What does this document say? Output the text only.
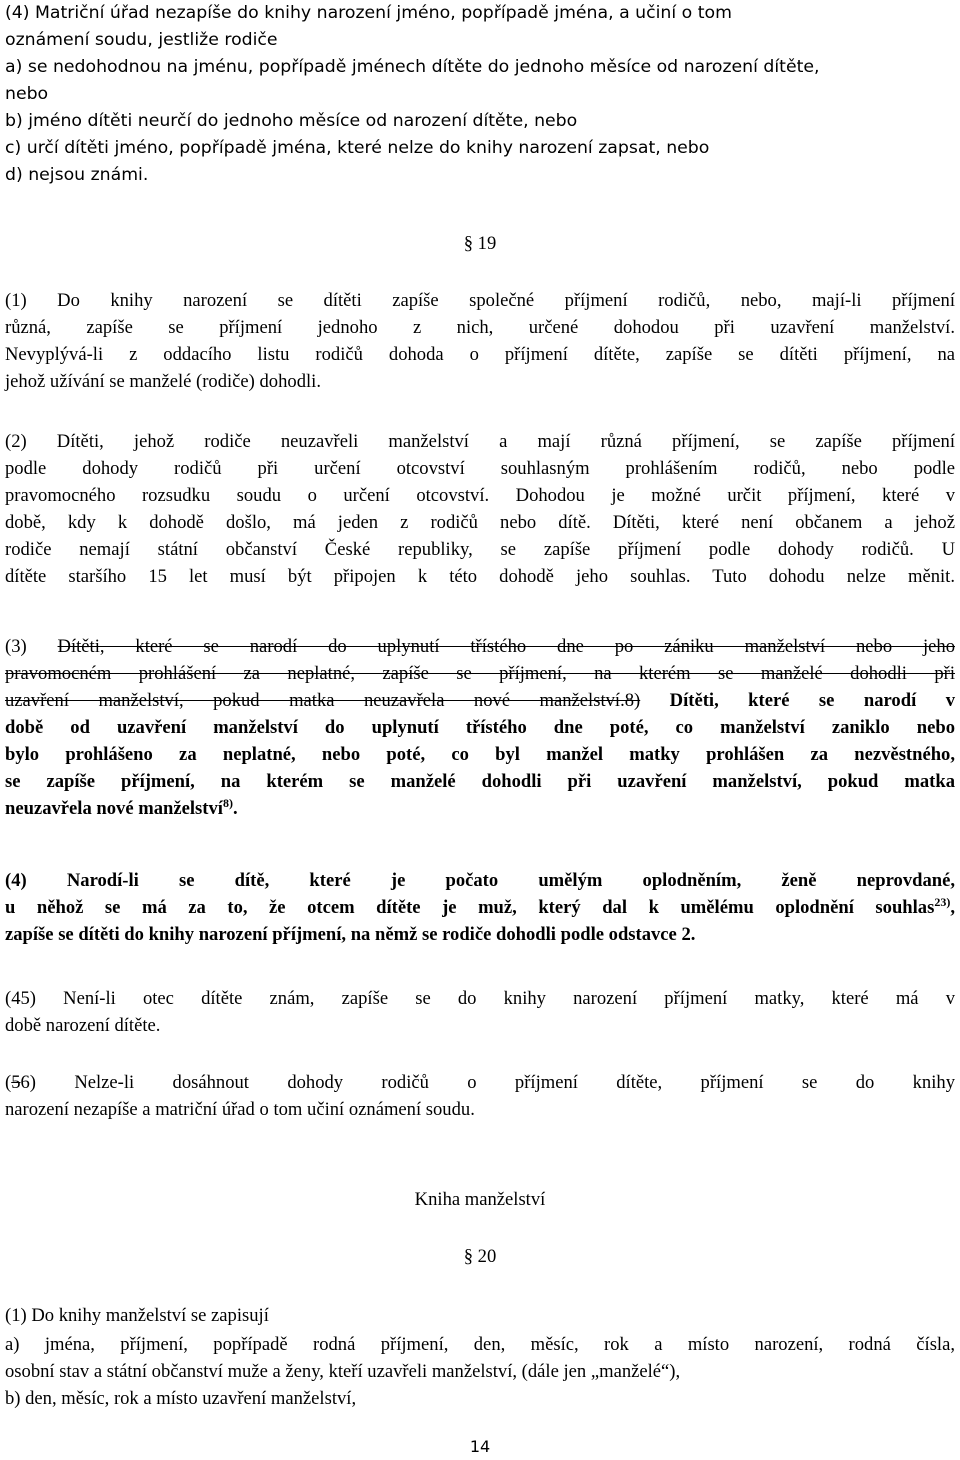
(4) Matriční úřad nezapíše do knihy narození jméno, popřípadě jména, a učiní o tom
oznámení soudu, jestliže rodiče
a) se nedohodnou na jménu, popřípadě jménech dítěte do jednoho měsíce od narození dítěte,
nebo
b) jméno dítěti neurčí do jednoho měsíce od narození dítěte, nebo
c) určí dítěti jméno, popřípadě jména, které nelze do knihy narození zapsat, nebo
d) nejsou známi.
§ 19
(1) Do knihy narození se dítěti zapíše společné příjmení rodičů, nebo, mají-li příjmení
různá, zapíše se příjmení jednoho z nich, určené dohodou při uzavření manželství.
Nevyplývá-li z oddacího listu rodičů dohoda o příjmení dítěte, zapíše se dítěti příjmení, na
jehož užívání se manželé (rodiče) dohodli.
(2) Dítěti, jehož rodiče neuzavřeli manželství a mají různá příjmení, se zapíše příjmení
podle dohody rodičů při určení otcovství souhlasným prohlášením rodičů, nebo podle
pravomocného rozsudku soudu o určení otcovství. Dohodou je možné určit příjmení, které v
době, kdy k dohodě došlo, má jeden z rodičů nebo dítě. Dítěti, které není občanem a jehož
rodiče nemají státní občanství České republiky, se zapíše příjmení podle dohody rodičů. U
dítěte staršího 15 let musí být připojen k této dohodě jeho souhlas. Tuto dohodu nelze měnit.
(3) Dítěti, které se narodí do uplynutí třístého dne po zániku manželství nebo jeho
pravomocném prohlášení za neplatné, zapíše se příjmení, na kterém se manželé dohodli při
uzavření manželství, pokud matka neuzavřela nové manželství.8) Dítěti, které se narodí v
době od uzavření manželství do uplynutí třístého dne poté, co manželství zaniklo nebo
bylo prohlášeno za neplatné, nebo poté, co byl manžel matky prohlášen za nezvěstného,
se zapíše příjmení, na kterém se manželé dohodli při uzavření manželství, pokud matka
neuzavřela nové manželství$^{8)}$.
(4) Narodí-li se dítě, které je počato umělým oplodněním, ženě neprovdané,
u něhož se má za to, že otcem dítěte je muž, který dal k umělému oplodnění souhlas$^{23)}$,
zapíše se dítěti do knihy narození příjmení, na němž se rodiče dohodli podle odstavce 2.
(45) Není-li otec dítěte znám, zapíše se do knihy narození příjmení matky, které má v
době narození dítěte.
(56) Nelze-li dosáhnout dohody rodičů o příjmení dítěte, příjmení se do knihy
narození nezapíše a matriční úřad o tom učiní oznámení soudu.
Kniha manželství
§ 20
(1) Do knihy manželství se zapisují
a) jména, příjmení, popřípadě rodná příjmení, den, měsíc, rok a místo narození, rodná čísla,
osobní stav a státní občanství muže a ženy, kteří uzavřeli manželství, (dále jen „manželé“),
b) den, měsíc, rok a místo uzavření manželství,
14
